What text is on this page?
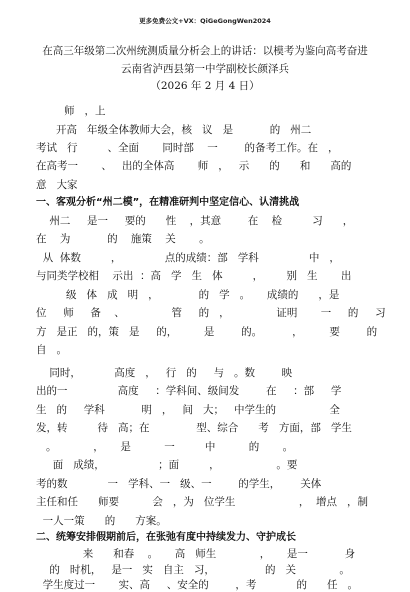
更多免费公文+VX：QiGeGongWen2024
在高三年级第二次州统测质量分析会上的讲话：以模考为鉴向高考奋进
云南省泸西县第一中学副校长颜泽兵
（2026 年 2 月 4 日）
师   ，上
开高   年级全体教师大会，核   议   是           的   州二
考试   行         、全面       同时部    一        的备考工作。在   ，
在高考一       、   出的全体高       师   ，   示      的      和      高的
意   大家
一、客观分析“州二模”，在精准研判中坚定信心、认清挑战
州二     是一     要的      性    ，其意        在    检         习      ，
在    为           的    施策    关       。
从  体数         ，             点的成绩：部   学科               中   ，
与同类学校相    示出  ：高   学   生   体         ，       别   生       出
级   体   成   明   ，            的   学   。     成绩的      ，是
位     师     备    、              管     的   ，              证明       一     的     习
方   是正   的，策   是     的，        是        的。         ，        要        的
自   。
同时，          高度   ，   行   的     与   。数        映
出的一               高度     ：学科间、级间发        在     ：部     学
生   的     学科           明   ，   间   大；   中学生的                全
发，转         待   高；在              型、综合      考   方面，部   学生
。           ，     是          一         中          的       。
面   成绩，                ；面         ，                 。要
考的数            一   学科、一   级、一        的学生，      关体
主任和任      师要          会   ，为   位学生                   ，  增点   ，制
一人一策      的      方案。
二、统筹安排假期前后，在张弛有度中持续发力、守护成长
来      和春    。     高   师生             ，     是一           身
的   时机，   是一   实   自主   习，               的   关             。
学生度过一       实、高     、安全的        ，考            的      任   。
